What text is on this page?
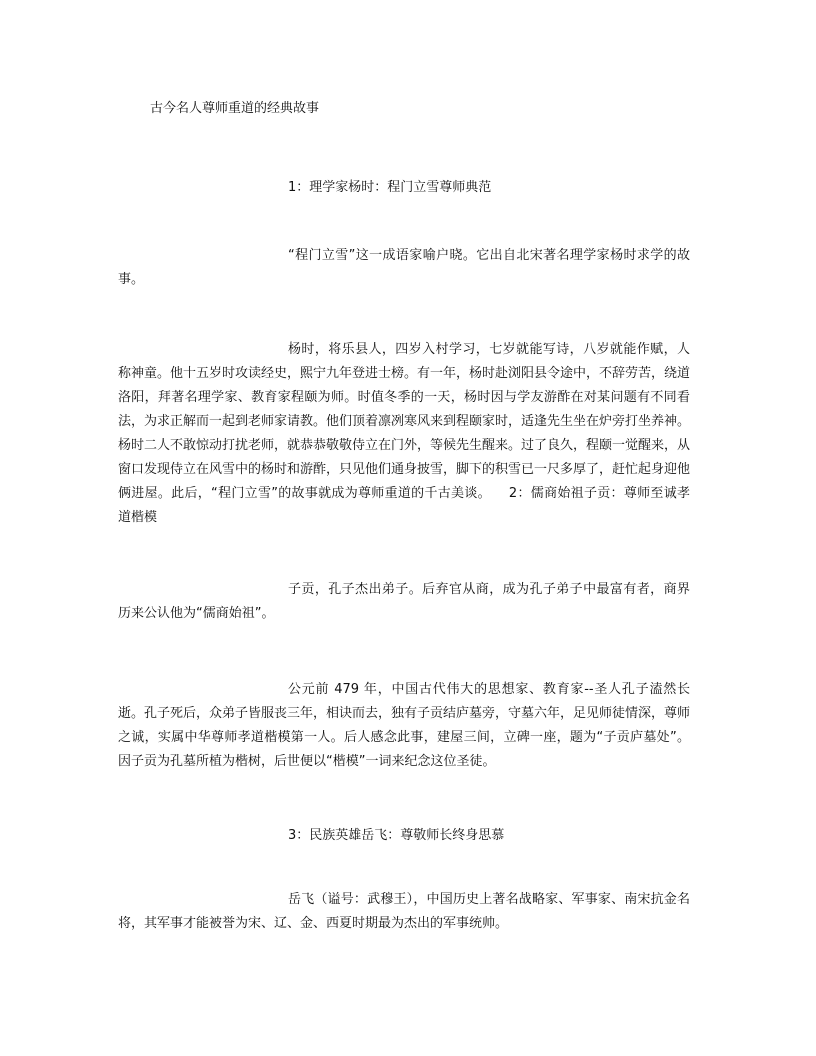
古今名人尊师重道的经典故事
1：理学家杨时：程门立雪尊师典范

“程门立雪”这一成语家喻户晓。它出自北宋著名理学家杨时求学的故事。

杨时，将乐县人，四岁入村学习，七岁就能写诗，八岁就能作赋，人称神童。他十五岁时攻读经史，熙宁九年登进士榜。有一年，杨时赴浏阳县令途中，不辞劳苦，绕道洛阳，拜著名理学家、教育家程颐为师。时值冬季的一天，杨时因与学友游酢在对某问题有不同看法，为求正解而一起到老师家请教。他们顶着凛冽寒风来到程颐家时，适逢先生坐在炉旁打坐养神。杨时二人不敢惊动打扰老师，就恭恭敬敬侍立在门外，等候先生醒来。过了良久，程颐一觉醒来，从窗口发现侍立在风雪中的杨时和游酢，只见他们通身披雪，脚下的积雪已一尺多厚了，赶忙起身迎他俩进屋。此后，“程门立雪”的故事就成为尊师重道的千古美谈。 2：儒商始祖子贡：尊师至诚孝道楷模

子贡，孔子杰出弟子。后弃官从商，成为孔子弟子中最富有者，商界历来公认他为“儒商始祖”。

公元前 479 年，中国古代伟大的思想家、教育家--圣人孔子溘然长逝。孔子死后，众弟子皆服丧三年，相诀而去，独有子贡结庐墓旁，守墓六年，足见师徒情深，尊师之诚，实属中华尊师孝道楷模第一人。后人感念此事，建屋三间，立碑一座，题为“子贡庐墓处”。因子贡为孔墓所植为楷树，后世便以“楷模”一词来纪念这位圣徒。

3：民族英雄岳飞：尊敬师长终身思慕

岳飞（谥号：武穆王），中国历史上著名战略家、军事家、南宋抗金名将，其军事才能被誉为宋、辽、金、西夏时期最为杰出的军事统帅。
